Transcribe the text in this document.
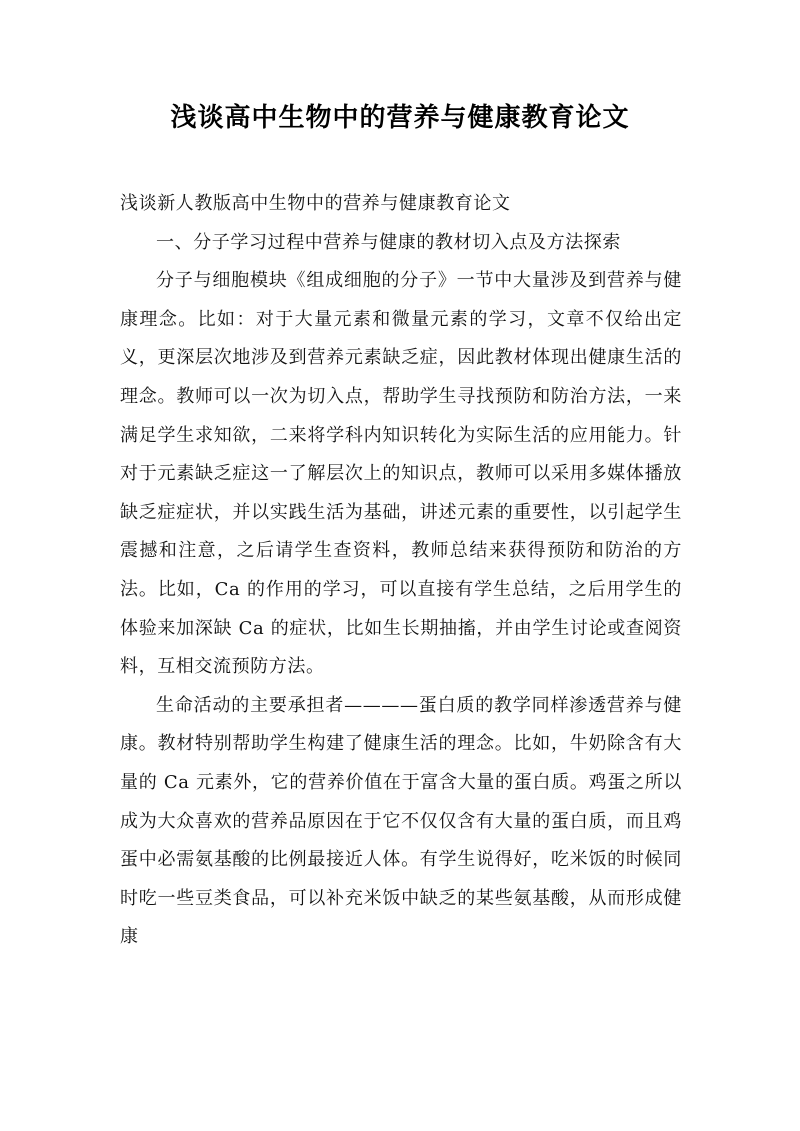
浅谈高中生物中的营养与健康教育论文

浅谈新人教版高中生物中的营养与健康教育论文

一、分子学习过程中营养与健康的教材切入点及方法探索

分子与细胞模块《组成细胞的分子》一节中大量涉及到营养与健康理念。比如：对于大量元素和微量元素的学习，文章不仅给出定义，更深层次地涉及到营养元素缺乏症，因此教材体现出健康生活的理念。教师可以一次为切入点，帮助学生寻找预防和防治方法，一来满足学生求知欲，二来将学科内知识转化为实际生活的应用能力。针对于元素缺乏症这一了解层次上的知识点，教师可以采用多媒体播放缺乏症症状，并以实践生活为基础，讲述元素的重要性，以引起学生震撼和注意，之后请学生查资料，教师总结来获得预防和防治的方法。比如，Ca 的作用的学习，可以直接有学生总结，之后用学生的体验来加深缺 Ca 的症状，比如生长期抽搐，并由学生讨论或查阅资料，互相交流预防方法。

生命活动的主要承担者————蛋白质的教学同样渗透营养与健康。教材特别帮助学生构建了健康生活的理念。比如，牛奶除含有大量的 Ca 元素外，它的营养价值在于富含大量的蛋白质。鸡蛋之所以成为大众喜欢的营养品原因在于它不仅仅含有大量的蛋白质，而且鸡蛋中必需氨基酸的比例最接近人体。有学生说得好，吃米饭的时候同时吃一些豆类食品，可以补充米饭中缺乏的某些氨基酸，从而形成健康
